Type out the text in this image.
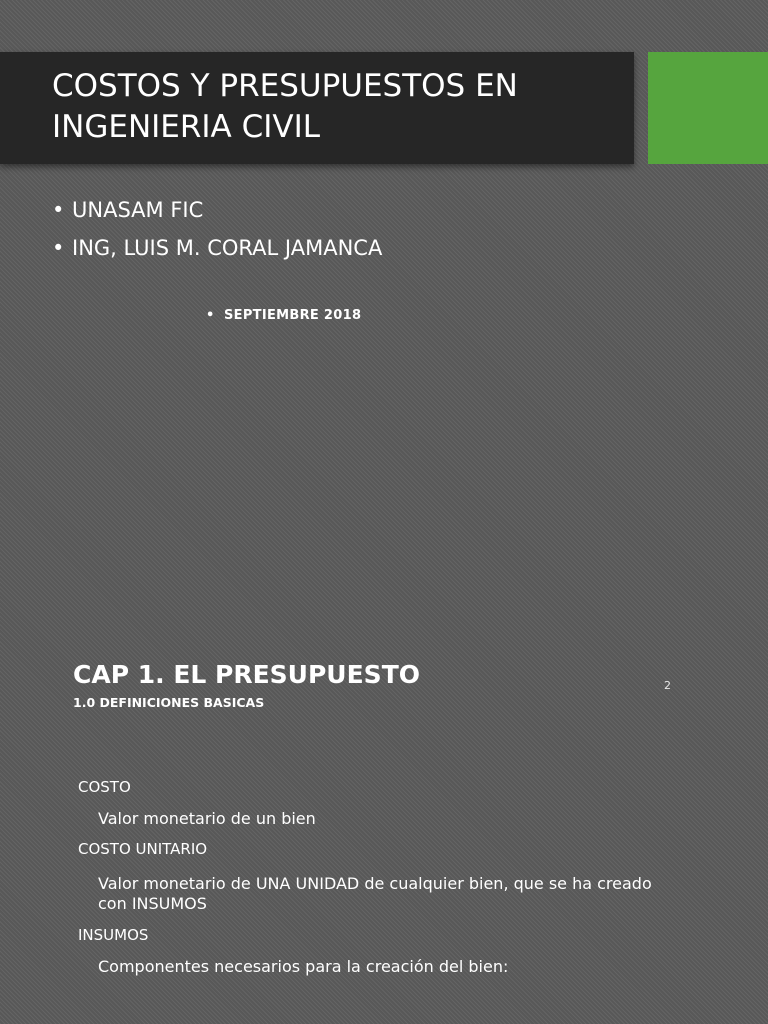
COSTOS Y PRESUPUESTOS EN INGENIERIA CIVIL
• UNASAM FIC
• ING, LUIS M. CORAL JAMANCA
• SEPTIEMBRE 2018
CAP 1. EL PRESUPUESTO
1.0 DEFINICIONES BASICAS
2
COSTO
Valor monetario de un bien
COSTO UNITARIO
Valor monetario de UNA UNIDAD de cualquier bien, que se ha creado con INSUMOS
INSUMOS
Componentes necesarios para la creación del bien:
